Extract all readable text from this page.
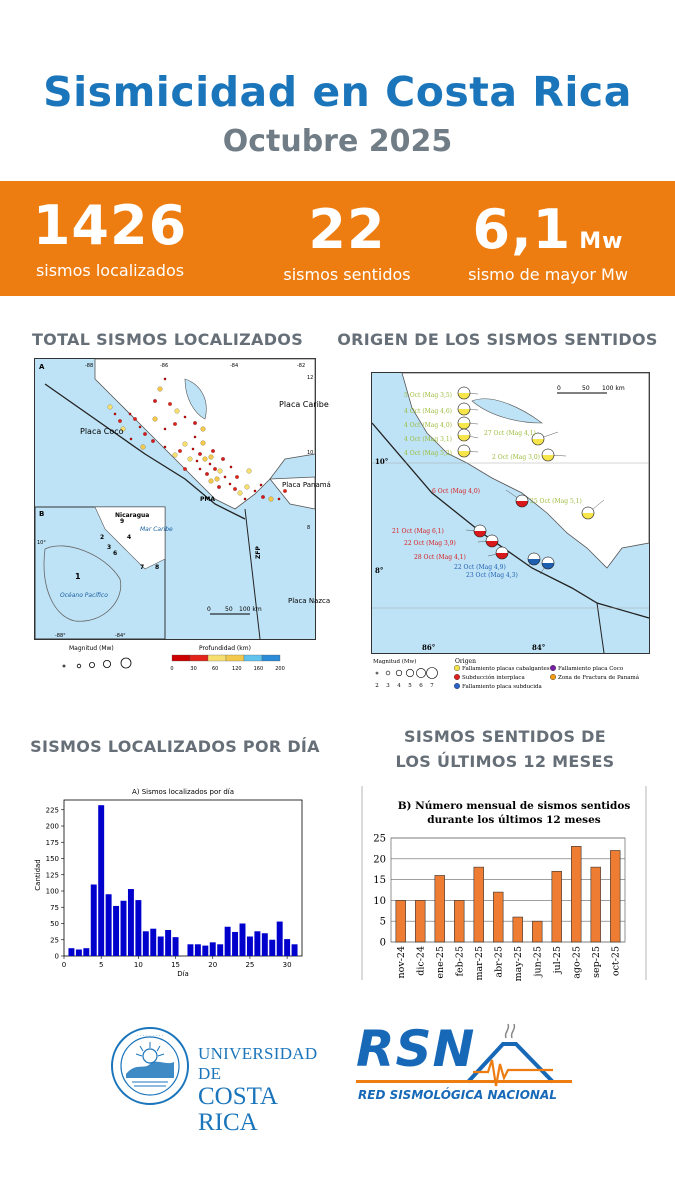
Sismicidad en Costa Rica
Octubre 2025
1426
sismos localizados
22
sismos sentidos
6,1 Mw
sismo de mayor Mw
TOTAL SISMOS LOCALIZADOS	ORIGEN DE LOS SISMOS SENTIDOS
SISMOS LOCALIZADOS POR DÍA
SISMOS SENTIDOS DE
LOS ÚLTIMOS 12 MESES
0 50 100 km
A
B
-88	-86	-84	-82
12
10
8
Placa Coco
Placa Caribe
Placa Panamá
Placa Nazca
PMA
ZFP
Nicaragua
Mar Caribe
Océano Pacífico
10°
-88°	-84°
1
2
3
4
6
7 8
9
Magnitud (Mw)	Profundidad (km)
0	30	60	120 160 200
5 Oct (Mag 3,5)
4 Oct (Mag 4,6)
4 Oct (Mag 4,0)
4 Oct (Mag 3,1)
4 Oct (Mag 5,2)
27 Oct (Mag 4,1)
2 Oct (Mag 3,0)
25 Oct (Mag 5,1)
6 Oct (Mag 4,0)
21 Oct (Mag 6,1)
22 Oct (Mag 3,9)
28 Oct (Mag 4,1)
22 Oct (Mag 4,9)
23 Oct (Mag 4,3)
0	50 100 km
10°
8°
86°	84°
Magnitud (Mw)
2 3 4 5 6 7
Origen
Fallamiento placas cabalgantes
Subducción interplaca
Fallamiento placa subducida
Fallamiento placa Coco
Zona de Fractura de Panamá
A) Sismos localizados por día
Día
Cantidad
0
25
50
75
100
125
150
175
200
225
0	5	10	15	20	25	30
B) Número mensual de sismos sentidos
durante los últimos 12 meses
0
5
10
15
20
25
nov-24 dic-24 ene-25 feb-25 mar-25 abr-25 may-25 jun-25 jul-25 ago-25 sep-25 oct-25
· · · · · · · · ·
UNIVERSIDAD DE
COSTA RICA
RSN
RED SISMOLÓGICA NACIONAL
